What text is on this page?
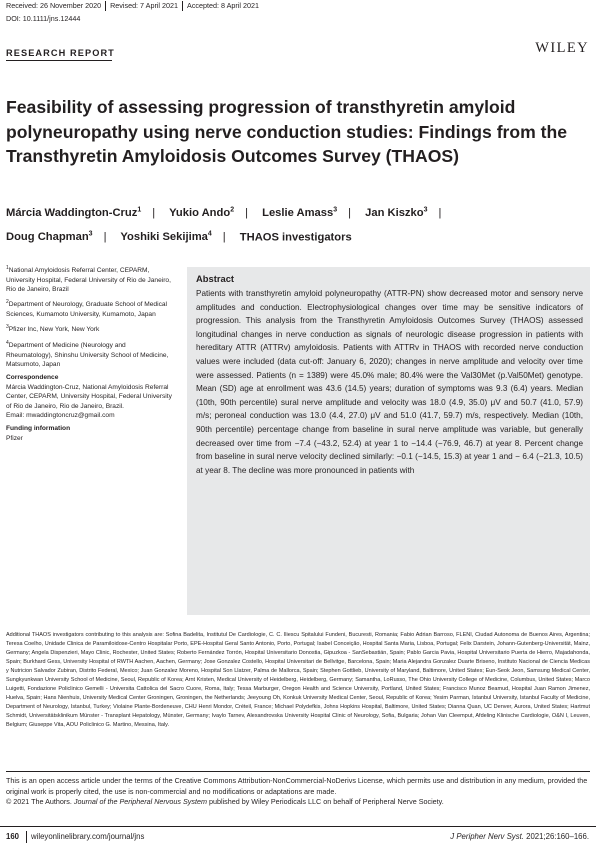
Received: 26 November 2020	Revised: 7 April 2021	Accepted: 8 April 2021
DOI: 10.1111/jns.12444
RESEARCH REPORT	WILEY
Feasibility of assessing progression of transthyretin amyloid polyneuropathy using nerve conduction studies: Findings from the Transthyretin Amyloidosis Outcomes Survey (THAOS)
Márcia Waddington-Cruz$^1$ | Yukio Ando$^2$ | Leslie Amass$^3$ | Jan Kiszko$^3$ |
Doug Chapman$^3$ | Yoshiki Sekijima$^4$ | THAOS investigators

$^1$National Amyloidosis Referral Center, CEPARM, University Hospital, Federal University of Rio de Janeiro, Rio de Janeiro, Brazil

$^2$Department of Neurology, Graduate School of Medical Sciences, Kumamoto University, Kumamoto, Japan

$^3$Pfizer Inc, New York, New York

$^4$Department of Medicine (Neurology and Rheumatology), Shinshu University School of Medicine, Matsumoto, Japan

Correspondence

Márcia Waddington-Cruz, National Amyloidosis Referral Center, CEPARM, University Hospital, Federal University of Rio de Janeiro, Rio de Janeiro, Brazil.

Email: mwaddingtoncruz@gmail.com

Funding information

Pfizer

Abstract

Patients with transthyretin amyloid polyneuropathy (ATTR-PN) show decreased motor and sensory nerve amplitudes and conduction. Electrophysiological changes over time may be sensitive indicators of progression. This analysis from the Transthyretin Amyloidosis Outcomes Survey (THAOS) assessed longitudinal changes in nerve conduction as signals of neurologic disease progression in patients with hereditary ATTR (ATTRv) amyloidosis. Patients with ATTRv in THAOS with recorded nerve conduction values were included (data cut-off: January 6, 2020); changes in nerve amplitude and velocity over time were assessed. Patients (n = 1389) were 45.0% male; 80.4% were the Val30Met (p.Val50Met) genotype. Mean (SD) age at enrollment was 43.6 (14.5) years; duration of symptoms was 9.3 (6.4) years. Median (10th, 90th percentile) sural nerve amplitude and velocity was 18.0 (4.9, 35.0) μV and 50.7 (41.0, 57.9) m/s; peroneal conduction was 13.0 (4.4, 27.0) μV and 51.0 (41.7, 59.7) m/s, respectively. Median (10th, 90th percentile) percentage change from baseline in sural nerve amplitude was variable, but generally decreased over time from −7.4 (−43.2, 52.4) at year 1 to −14.4 (−76.9, 46.7) at year 8. Percent change from baseline in sural nerve velocity declined similarly: −0.1 (−14.5, 15.3) at year 1 and − 6.4 (−21.3, 10.5) at year 8. The decline was more pronounced in patients with

Additional THAOS investigators contributing to this analysis are: Sofina Badelita, Institutul De Cardiologie, C. C. Iliescu Spitalului Fundeni, Bucuresti, Romania; Fabio Adrian Barroso, FLENI, Ciudad Autonoma de Buenos Aires, Argentina; Teresa Coelho, Unidade Clinica de Paramiloidose-Centro Hospitalar Porto, EPE-Hospital Geral Santo Antonio, Porto, Portugal; Isabel Conceição, Hospital Santa Maria, Lisboa, Portugal; Felix Darstein, Johann-Gutenberg-Universität, Mainz, Germany; Angela Dispenzieri, Mayo Clinic, Rochester, United States; Roberto Fernández Torrón, Hospital Universitario Donostia, Gipuzkoa - SanSebastián, Spain; Pablo Garcia Pavia, Hospital Universitario Puerta de Hierro, Majadahonda, Spain; Burkhard Gess, University Hospital of RWTH Aachen, Aachen, Germany; Jose Gonzalez Costello, Hospital Universitari de Bellvitge, Barcelona, Spain; Maria Alejandra Gonzalez Duarte Briseno, Instituto Nacional de Ciencia Medicas y Nutricion Salvador Zubiran, Distrito Federal, Mexico; Juan Gonzalez Moreno, Hospital Son Llatzer, Palma de Mallorca, Spain; Stephen Gottlieb, University of Maryland, Baltimore, United States; Eun-Seok Jeon, Samsung Medical Center, Sungkyunkwan University School of Medicine, Seoul, Republic of Korea; Arnt Kristen, Medical University of Heidelberg, Heidelberg, Germany; Samantha, LoRusso, The Ohio University College of Medicine, Columbus, United States; Marco Luigetti, Fondazione Policlinico Gemelli - Universita Cattolica del Sacro Cuore, Roma, Italy; Tessa Marburger, Oregon Health and Science University, Portland, United States; Francisco Munoz Beamud, Hospital Juan Ramon Jimenez, Huelva, Spain; Hans Nienhuis, University Medical Center Groningen, Groningen, the Netherlands; Jeeyoung Oh, Konkuk University Medical Center, Seoul, Republic of Korea; Yesim Parman, Istanbul University, Istanbul Faculty of Medicine, Department of Neurology, Istanbul, Turkey; Violaine Plante-Bordeneuve, CHU Henri Mondor, Créteil, France; Michael Polydefkis, Johns Hopkins Hospital, Baltimore, United States; Dianna Quan, UC Denver, Aurora, United States; Hartmut Schmidt, Universitätsklinikum Münster - Transplant Hepatology, Münster, Germany; Ivaylo Tarnev, Alexandrovska University Hospital Clinic of Neurology, Sofia, Bulgaria; Johan Van Cleemput, Afdeling Klinische Cardiologie, O&N I, Leuven, Belgium; Giuseppe Vita, AOU Policlinico G. Martino, Messina, Italy.

This is an open access article under the terms of the Creative Commons Attribution-NonCommercial-NoDerivs License, which permits use and distribution in any medium, provided the original work is properly cited, the use is non-commercial and no modifications or adaptations are made.

© 2021 The Authors. Journal of the Peripheral Nervous System published by Wiley Periodicals LLC on behalf of Peripheral Nerve Society.

160 wileyonlinelibrary.com/journal/jns	J Peripher Nerv Syst. 2021;26:160–166.
